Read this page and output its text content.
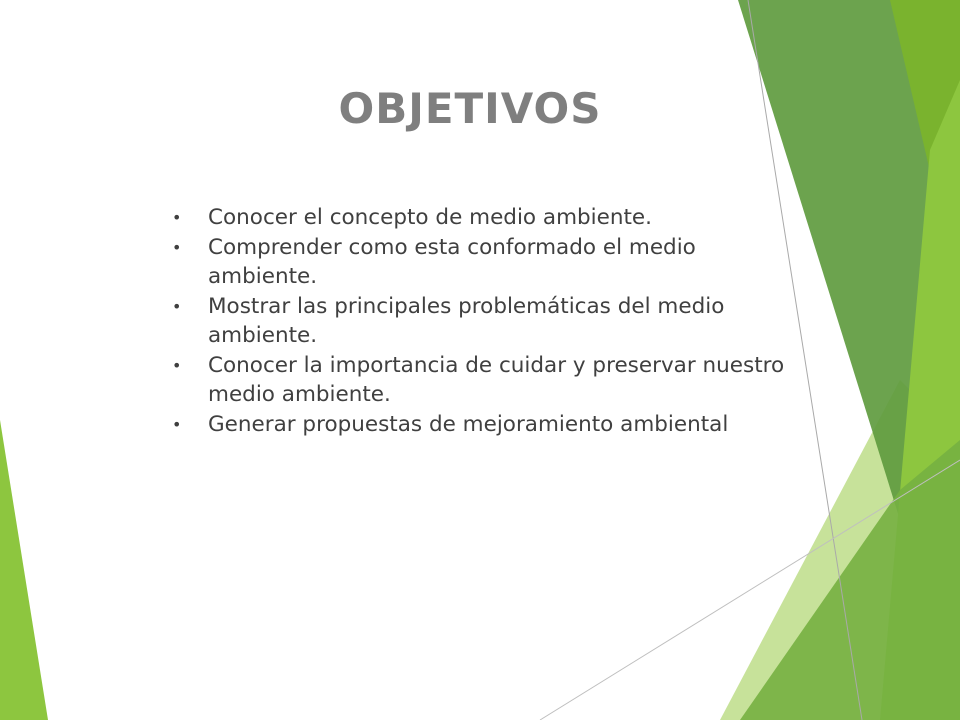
OBJETIVOS
• Conocer el concepto de medio ambiente.
• Comprender como esta conformado el medio ambiente.
• Mostrar las principales problemáticas del medio ambiente.
• Conocer la importancia de cuidar y preservar nuestro medio ambiente.
• Generar propuestas de mejoramiento ambiental
